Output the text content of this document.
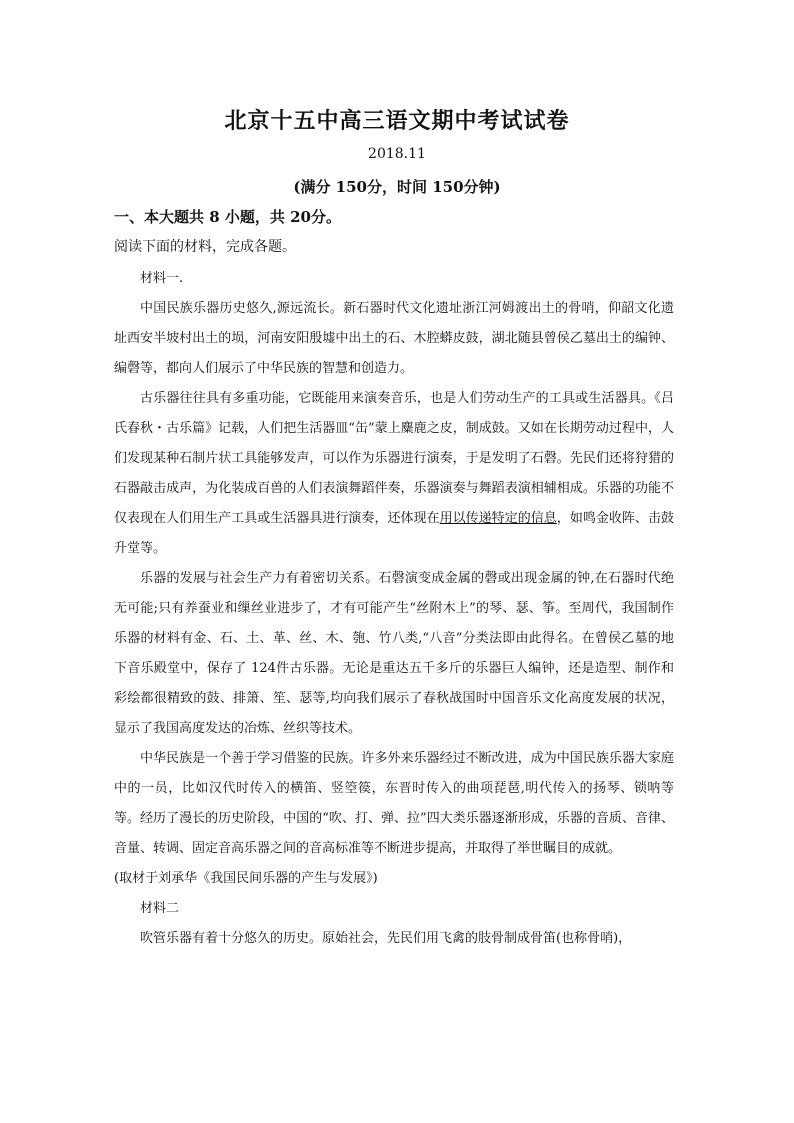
北京十五中高三语文期中考试试卷
2018.11
(满分 150分，时间 150分钟)
一、本大题共 8 小题，共 20分。
阅读下面的材料，完成各题。

材料一.

中国民族乐器历史悠久,源远流长。新石器时代文化遗址浙江河姆渡出土的骨哨，仰韶文化遗址西安半坡村出土的埙，河南安阳殷墟中出土的石、木腔蟒皮鼓，湖北随县曾侯乙墓出土的编钟、编磬等，都向人们展示了中华民族的智慧和创造力。

古乐器往往具有多重功能，它既能用来演奏音乐，也是人们劳动生产的工具或生活器具。《吕氏春秋・古乐篇》记载，人们把生活器皿“缶”蒙上麋鹿之皮，制成鼓。又如在长期劳动过程中，人们发现某种石制片状工具能够发声，可以作为乐器进行演奏，于是发明了石磬。先民们还将狩猎的石器敲击成声，为化装成百兽的人们表演舞蹈伴奏，乐器演奏与舞蹈表演相辅相成。乐器的功能不仅表现在人们用生产工具或生活器具进行演奏，还体现在用以传递特定的信息，如鸣金收阵、击鼓升堂等。

乐器的发展与社会生产力有着密切关系。石磬演变成金属的磬或出现金属的钟,在石器时代绝无可能;只有养蚕业和缫丝业进步了，才有可能产生“丝附木上”的琴、瑟、筝。至周代，我国制作乐器的材料有金、石、土、革、丝、木、匏、竹八类,“八音”分类法即由此得名。在曾侯乙墓的地下音乐殿堂中，保存了 124件古乐器。无论是重达五千多斤的乐器巨人编钟，还是造型、制作和彩绘都很精致的鼓、排箫、笙、瑟等,均向我们展示了春秋战国时中国音乐文化高度发展的状况，显示了我国高度发达的冶炼、丝织等技术。

中华民族是一个善于学习借鉴的民族。许多外来乐器经过不断改进，成为中国民族乐器大家庭中的一员，比如汉代时传入的横笛、竖箜篌，东晋时传入的曲项琵琶,明代传入的扬琴、锁呐等等。经历了漫长的历史阶段，中国的“吹、打、弹、拉”四大类乐器逐渐形成，乐器的音质、音律、音量、转调、固定音高乐器之间的音高标准等不断进步提高，并取得了举世瞩目的成就。

(取材于刘承华《我国民间乐器的产生与发展》)

材料二

吹管乐器有着十分悠久的历史。原始社会，先民们用飞禽的肢骨制成骨笛(也称骨哨)，
